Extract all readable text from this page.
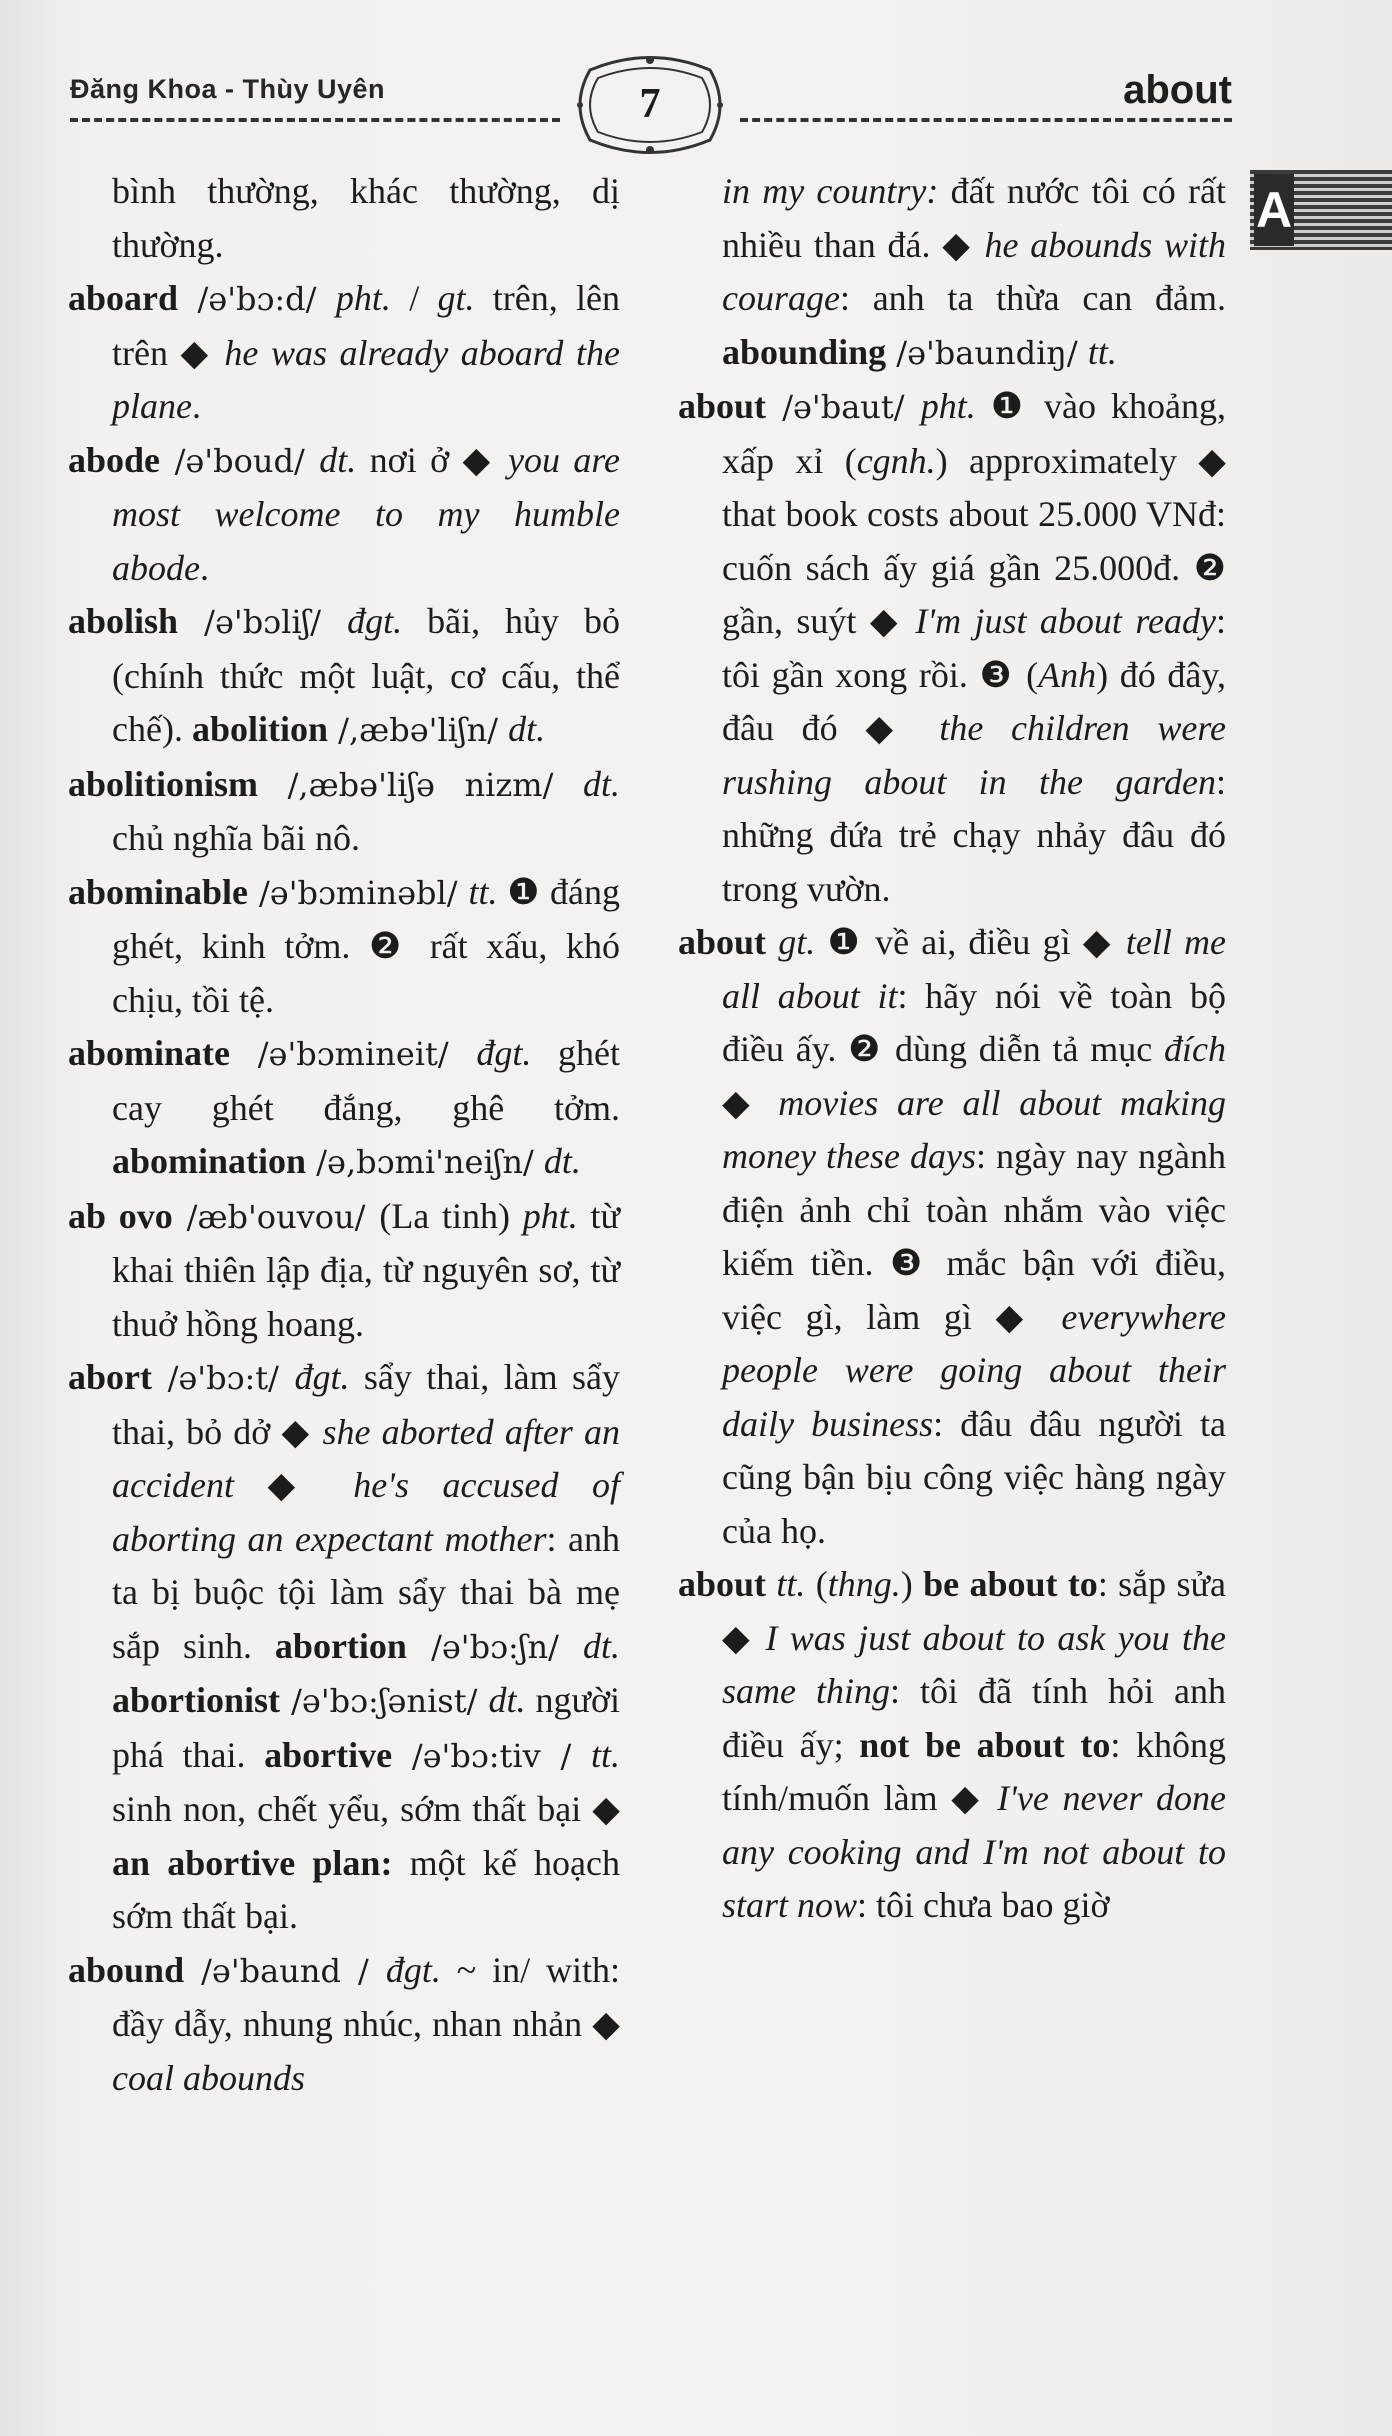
Đăng Khoa - Thùy Uyên	7	about
A

bình thường, khác thường, dị thường.

aboard /ə'bɔ:d/ pht. / gt. trên, lên trên ◆ he was already aboard the plane.

abode /ə'boud/ dt. nơi ở ◆ you are most welcome to my humble abode.

abolish /ə'bɔliʃ/ đgt. bãi, hủy bỏ (chính thức một luật, cơ cấu, thể chế). abolition /,æbə'liʃn/ dt.

abolitionism /,æbə'liʃə nizm/ dt. chủ nghĩa bãi nô.

abominable /ə'bɔminəbl/ tt. ❶ đáng ghét, kinh tởm. ❷ rất xấu, khó chịu, tồi tệ.

abominate /ə'bɔmineit/ đgt. ghét cay ghét đắng, ghê tởm. abomination /ə,bɔmi'neiʃn/ dt.

ab ovo /æb'ouvou/ (La tinh) pht. từ khai thiên lập địa, từ nguyên sơ, từ thuở hồng hoang.

abort /ə'bɔ:t/ đgt. sẩy thai, làm sẩy thai, bỏ dở ◆ she aborted after an accident ◆ he's accused of aborting an expectant mother: anh ta bị buộc tội làm sẩy thai bà mẹ sắp sinh. abortion /ə'bɔ:ʃn/ dt. abortionist /ə'bɔ:ʃənist/ dt. người phá thai. abortive /ə'bɔ:tiv / tt. sinh non, chết yểu, sớm thất bại ◆ an abortive plan: một kế hoạch sớm thất bại.

abound /ə'baund / đgt. ~ in/ with: đầy dẫy, nhung nhúc, nhan nhản ◆ coal abounds

in my country: đất nước tôi có rất nhiều than đá. ◆ he abounds with courage: anh ta thừa can đảm. abounding /ə'baundiŋ/ tt.

about /ə'baut/ pht. ❶ vào khoảng, xấp xỉ (cgnh.) approximately ◆ that book costs about 25.000 VNđ: cuốn sách ấy giá gần 25.000đ. ❷ gần, suýt ◆ I'm just about ready: tôi gần xong rồi. ❸ (Anh) đó đây, đâu đó ◆ the children were rushing about in the garden: những đứa trẻ chạy nhảy đâu đó trong vườn.

about gt. ❶ về ai, điều gì ◆ tell me all about it: hãy nói về toàn bộ điều ấy. ❷ dùng diễn tả mục đích ◆ movies are all about making money these days: ngày nay ngành điện ảnh chỉ toàn nhắm vào việc kiếm tiền. ❸ mắc bận với điều, việc gì, làm gì ◆ everywhere people were going about their daily business: đâu đâu người ta cũng bận bịu công việc hàng ngày của họ.

about tt. (thng.) be about to: sắp sửa ◆ I was just about to ask you the same thing: tôi đã tính hỏi anh điều ấy; not be about to: không tính/muốn làm ◆ I've never done any cooking and I'm not about to start now: tôi chưa bao giờ
